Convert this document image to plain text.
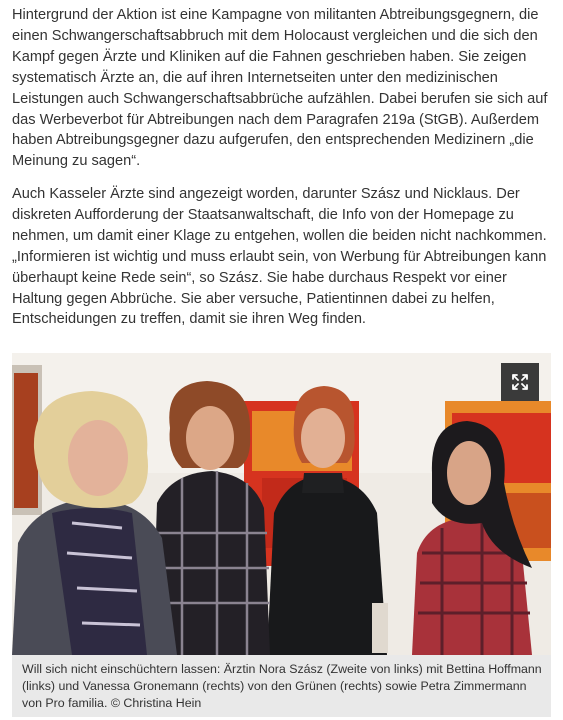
Hintergrund der Aktion ist eine Kampagne von militanten Abtreibungsgegnern, die einen Schwangerschaftsabbruch mit dem Holocaust vergleichen und die sich den Kampf gegen Ärzte und Kliniken auf die Fahnen geschrieben haben. Sie zeigen systematisch Ärzte an, die auf ihren Internetseiten unter den medizinischen Leistungen auch Schwangerschaftsabbrüche aufzählen. Dabei berufen sie sich auf das Werbeverbot für Abtreibungen nach dem Paragrafen 219a (StGB). Außerdem haben Abtreibungsgegner dazu aufgerufen, den entsprechenden Medizinern „die Meinung zu sagen“.

Auch Kasseler Ärzte sind angezeigt worden, darunter Szász und Nicklaus. Der diskreten Aufforderung der Staatsanwaltschaft, die Info von der Homepage zu nehmen, um damit einer Klage zu entgehen, wollen die beiden nicht nachkommen. „Informieren ist wichtig und muss erlaubt sein, von Werbung für Abtreibungen kann überhaupt keine Rede sein“, so Szász. Sie habe durchaus Respekt vor einer Haltung gegen Abbrüche. Sie aber versuche, Patientinnen dabei zu helfen, Entscheidungen zu treffen, damit sie ihren Weg finden.

Will sich nicht einschüchtern lassen: Ärztin Nora Szász (Zweite von links) mit Bettina Hoffmann (links) und Vanessa Gronemann (rechts) von den Grünen (rechts) sowie Petra Zimmermann von Pro familia. © Christina Hein
